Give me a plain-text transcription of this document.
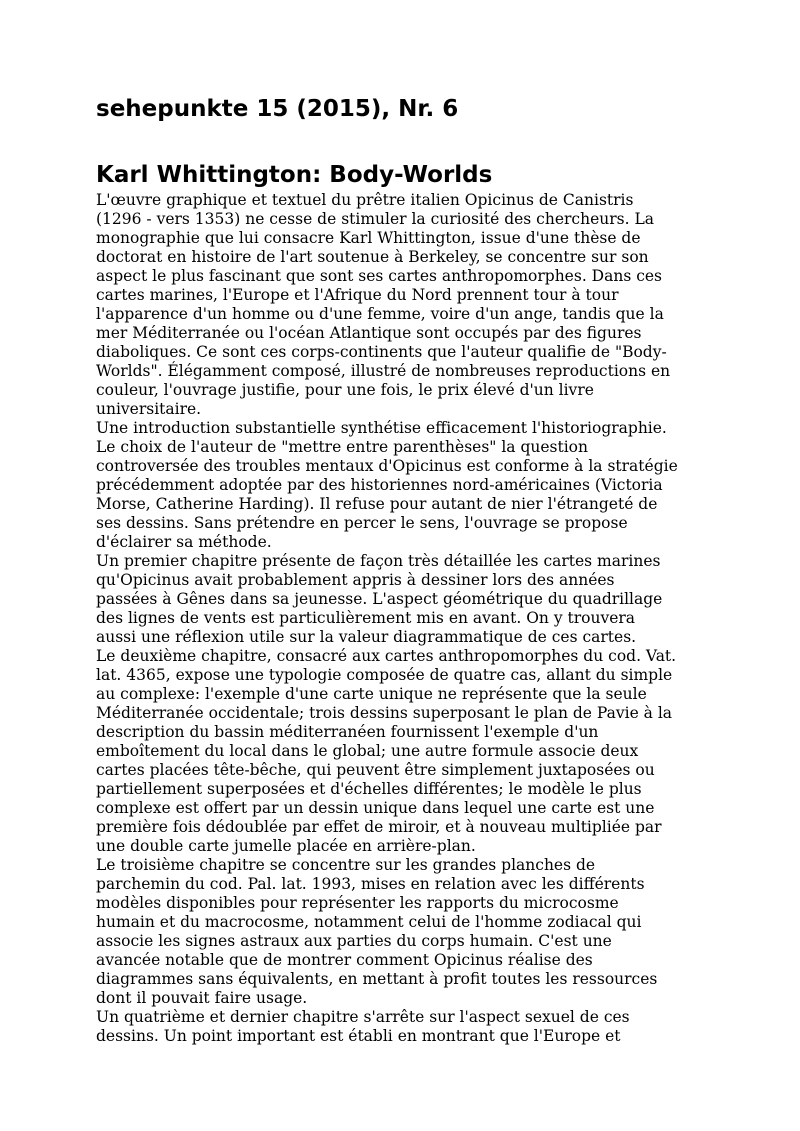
sehepunkte 15 (2015), Nr. 6
Karl Whittington: Body-Worlds

L'œuvre graphique et textuel du prêtre italien Opicinus de Canistris
(1296 - vers 1353) ne cesse de stimuler la curiosité des chercheurs. La
monographie que lui consacre Karl Whittington, issue d'une thèse de
doctorat en histoire de l'art soutenue à Berkeley, se concentre sur son
aspect le plus fascinant que sont ses cartes anthropomorphes. Dans ces
cartes marines, l'Europe et l'Afrique du Nord prennent tour à tour
l'apparence d'un homme ou d'une femme, voire d'un ange, tandis que la
mer Méditerranée ou l'océan Atlantique sont occupés par des figures
diaboliques. Ce sont ces corps-continents que l'auteur qualifie de "Body-
Worlds". Élégamment composé, illustré de nombreuses reproductions en
couleur, l'ouvrage justifie, pour une fois, le prix élevé d'un livre
universitaire.

Une introduction substantielle synthétise efficacement l'historiographie.
Le choix de l'auteur de "mettre entre parenthèses" la question
controversée des troubles mentaux d'Opicinus est conforme à la stratégie
précédemment adoptée par des historiennes nord-américaines (Victoria
Morse, Catherine Harding). Il refuse pour autant de nier l'étrangeté de
ses dessins. Sans prétendre en percer le sens, l'ouvrage se propose
d'éclairer sa méthode.

Un premier chapitre présente de façon très détaillée les cartes marines
qu'Opicinus avait probablement appris à dessiner lors des années
passées à Gênes dans sa jeunesse. L'aspect géométrique du quadrillage
des lignes de vents est particulièrement mis en avant. On y trouvera
aussi une réflexion utile sur la valeur diagrammatique de ces cartes.

Le deuxième chapitre, consacré aux cartes anthropomorphes du cod. Vat.
lat. 4365, expose une typologie composée de quatre cas, allant du simple
au complexe: l'exemple d'une carte unique ne représente que la seule
Méditerranée occidentale; trois dessins superposant le plan de Pavie à la
description du bassin méditerranéen fournissent l'exemple d'un
emboîtement du local dans le global; une autre formule associe deux
cartes placées tête-bêche, qui peuvent être simplement juxtaposées ou
partiellement superposées et d'échelles différentes; le modèle le plus
complexe est offert par un dessin unique dans lequel une carte est une
première fois dédoublée par effet de miroir, et à nouveau multipliée par
une double carte jumelle placée en arrière-plan.

Le troisième chapitre se concentre sur les grandes planches de
parchemin du cod. Pal. lat. 1993, mises en relation avec les différents
modèles disponibles pour représenter les rapports du microcosme
humain et du macrocosme, notamment celui de l'homme zodiacal qui
associe les signes astraux aux parties du corps humain. C'est une
avancée notable que de montrer comment Opicinus réalise des
diagrammes sans équivalents, en mettant à profit toutes les ressources
dont il pouvait faire usage.

Un quatrième et dernier chapitre s'arrête sur l'aspect sexuel de ces
dessins. Un point important est établi en montrant que l'Europe et
